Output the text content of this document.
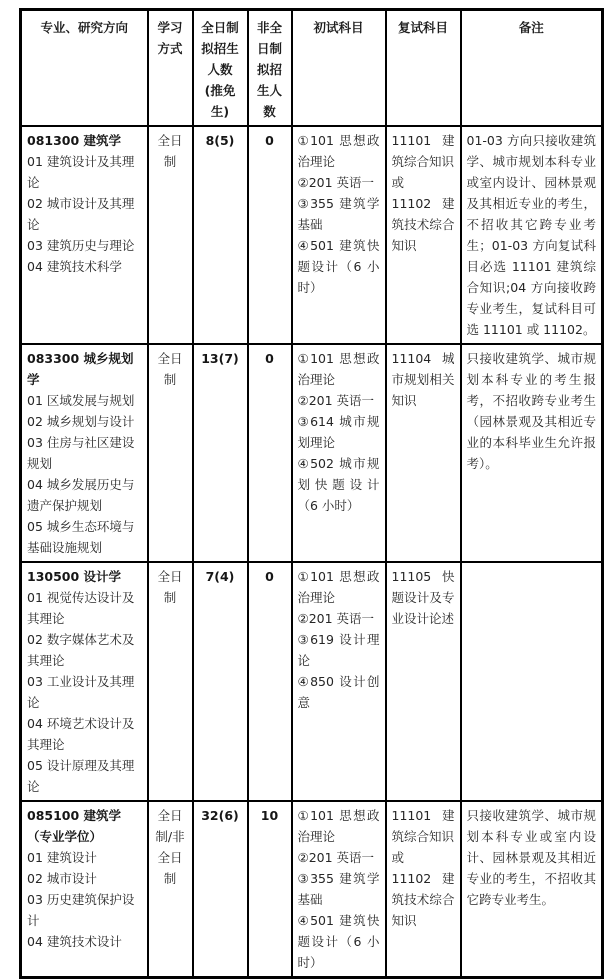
专业、研究方向	学习方式	全日制拟招生人数(推免生)	非全日制拟招生人数	初试科目	复试科目	备注

081300 建筑学
01 建筑设计及其理论
02 城市设计及其理论
03 建筑历史与理论
04 建筑技术科学
	全日制	8(5)	0	①101 思想政治理论
②201 英语一
③355 建筑学基础
④501 建筑快题设计（6 小时）

11101 建筑综合知识
或
11102 建筑技术综合知识
	01-03 方向只接收建筑学、城市规划本科专业或室内设计、园林景观及其相近专业的考生，不招收其它跨专业考生；01-03 方向复试科目必选 11101 建筑综合知识;04 方向接收跨专业考生，复试科目可选 11101 或 11102。

083300 城乡规划学
01 区域发展与规划
02 城乡规划与设计
03 住房与社区建设规划
04 城乡发展历史与遗产保护规划
05 城乡生态环境与基础设施规划
	全日制	13(7)	0	①101 思想政治理论
②201 英语一
③614 城市规划理论
④502 城市规划快题设计（6 小时）

11104 城市规划相关知识
	只接收建筑学、城市规划本科专业的考生报考，不招收跨专业考生（园林景观及其相近专业的本科毕业生允许报考）。

130500 设计学
01 视觉传达设计及其理论
02 数字媒体艺术及其理论
03 工业设计及其理论
04 环境艺术设计及其理论
05 设计原理及其理论
	全日制	7(4)	0	①101 思想政治理论
②201 英语一
③619 设计理论
④850 设计创意

11105 快题设计及专业设计论述

085100 建筑学（专业学位）
01 建筑设计
02 城市设计
03 历史建筑保护设计
04 建筑技术设计
	全日制/非全日制	32(6)	10	①101 思想政治理论
②201 英语一
③355 建筑学基础
④501 建筑快题设计（6 小时）

11101 建筑综合知识
或
11102 建筑技术综合知识
	只接收建筑学、城市规划本科专业或室内设计、园林景观及其相近专业的考生，不招收其它跨专业考生。
